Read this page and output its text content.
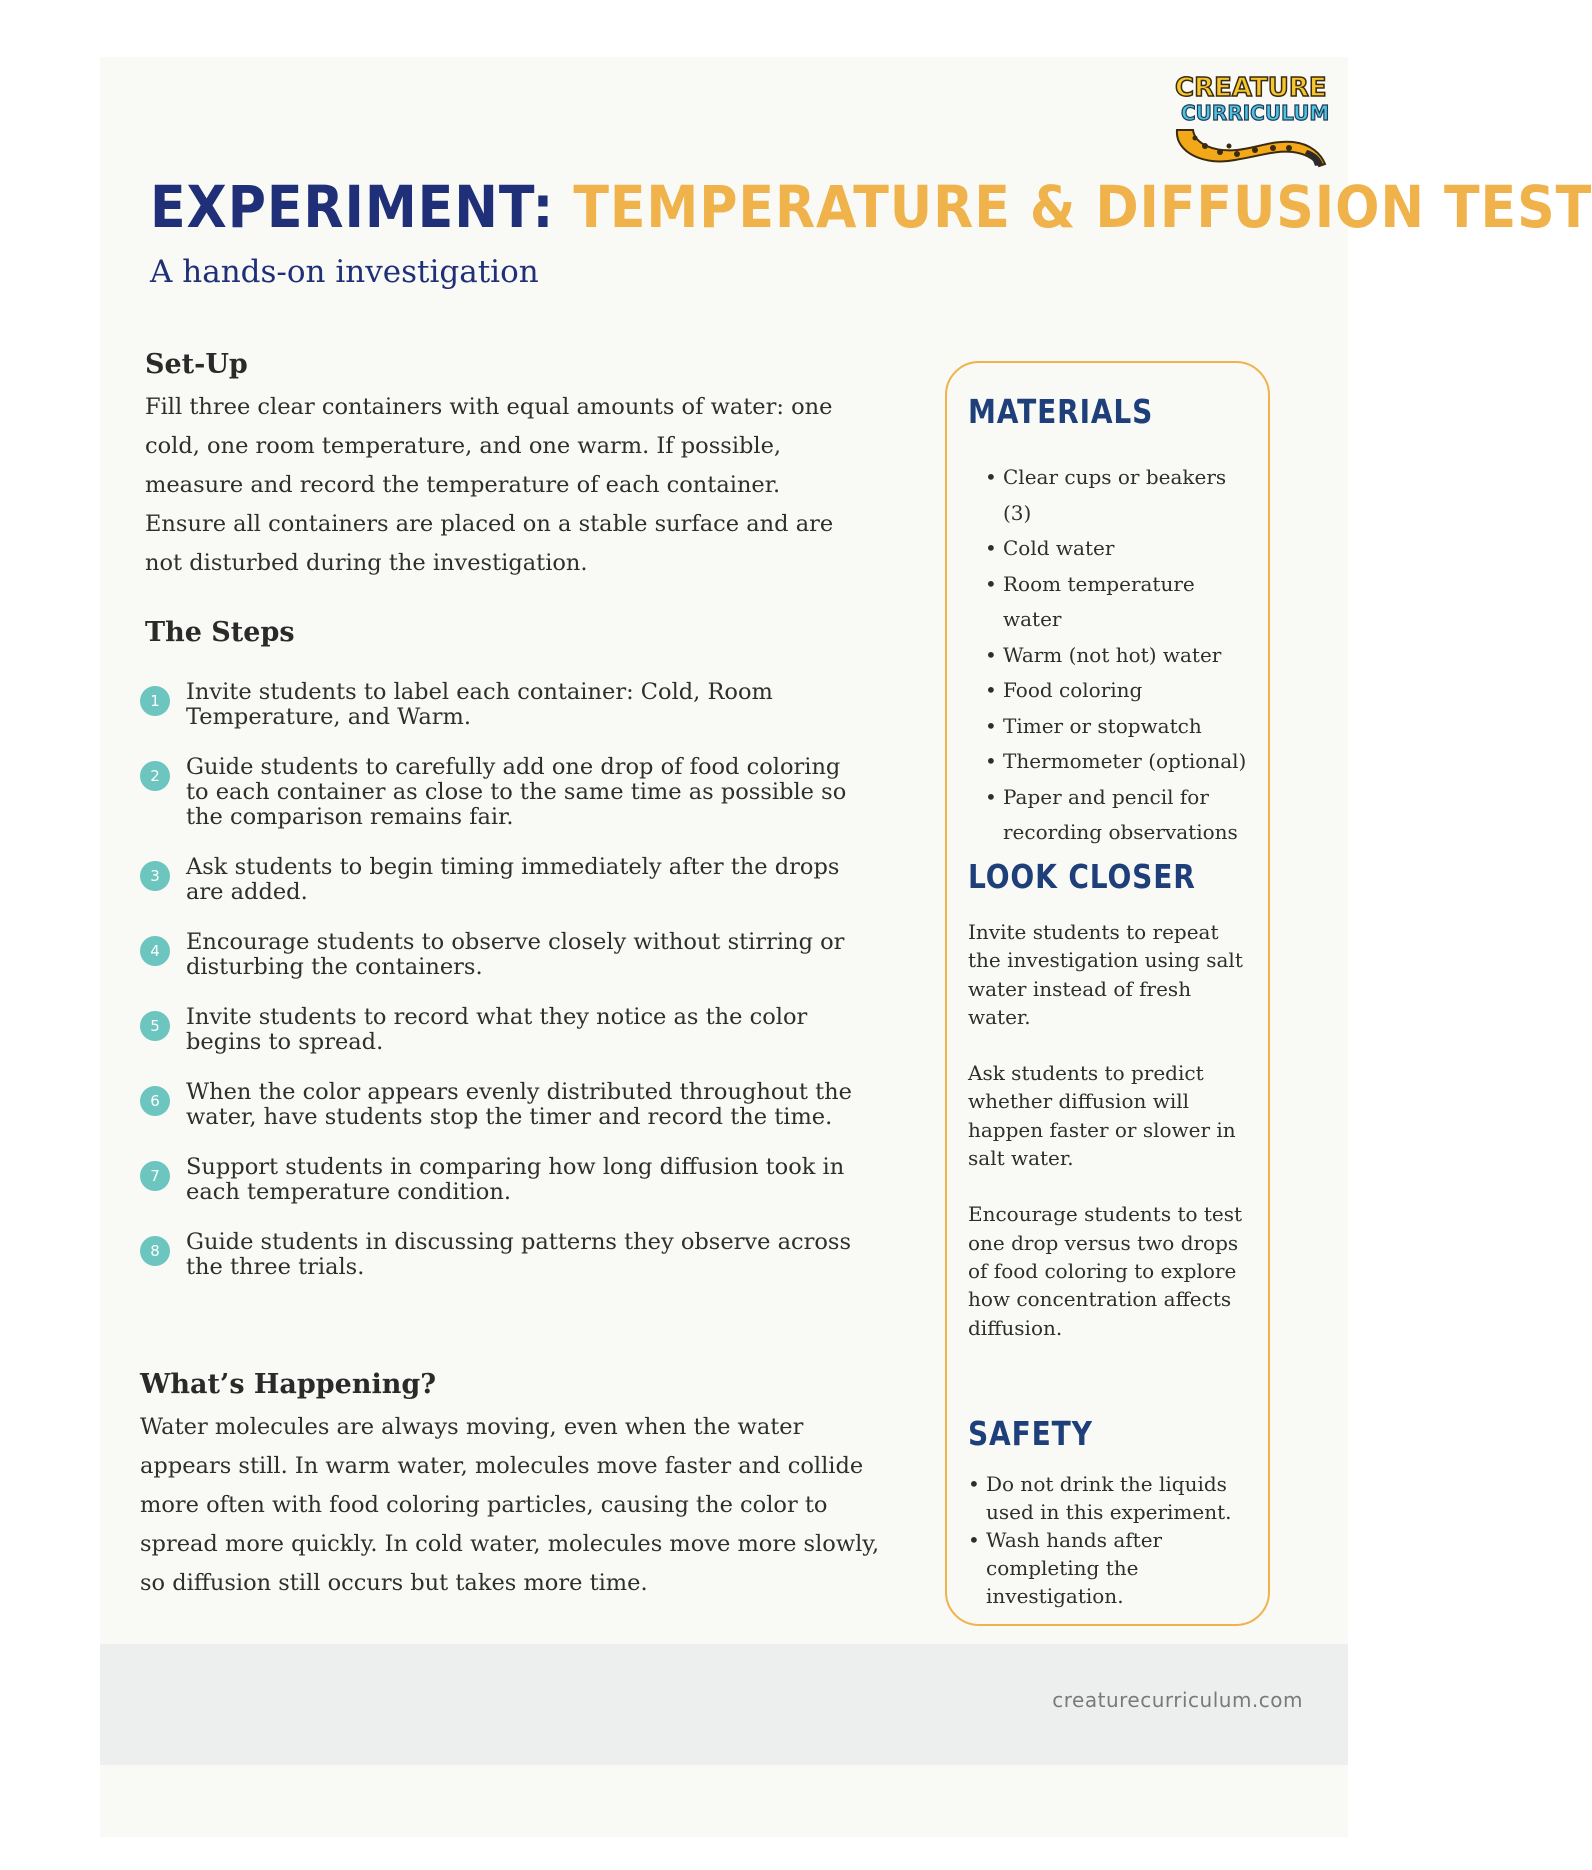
CREATURE
CURRICULUM
EXPERIMENT: TEMPERATURE & DIFFUSION TEST

A hands-on investigation

Set-Up

Fill three clear containers with equal amounts of water: one cold, one room temperature, and one warm. If possible, measure and record the temperature of each container. Ensure all containers are placed on a stable surface and are not disturbed during the investigation.

The Steps
1	Invite students to label each container: Cold, Room Temperature, and Warm.
2	Guide students to carefully add one drop of food coloring to each container as close to the same time as possible so the comparison remains fair.
3	Ask students to begin timing immediately after the drops are added.
4	Encourage students to observe closely without stirring or disturbing the containers.
5	Invite students to record what they notice as the color begins to spread.
6	When the color appears evenly distributed throughout the water, have students stop the timer and record the time.
7	Support students in comparing how long diffusion took in each temperature condition.
8	Guide students in discussing patterns they observe across the three trials.
What’s Happening?

Water molecules are always moving, even when the water appears still. In warm water, molecules move faster and collide more often with food coloring particles, causing the color to spread more quickly. In cold water, molecules move more slowly, so diffusion still occurs but takes more time.

MATERIALS
• Clear cups or beakers (3)
• Cold water
• Room temperature water
• Warm (not hot) water
• Food coloring
• Timer or stopwatch
• Thermometer (optional)
• Paper and pencil for recording observations
LOOK CLOSER

Invite students to repeat the investigation using salt water instead of fresh water.

Ask students to predict whether diffusion will happen faster or slower in salt water.

Encourage students to test one drop versus two drops of food coloring to explore how concentration affects diffusion.

SAFETY
• Do not drink the liquids used in this experiment.
• Wash hands after completing the investigation.

creaturecurriculum.com
